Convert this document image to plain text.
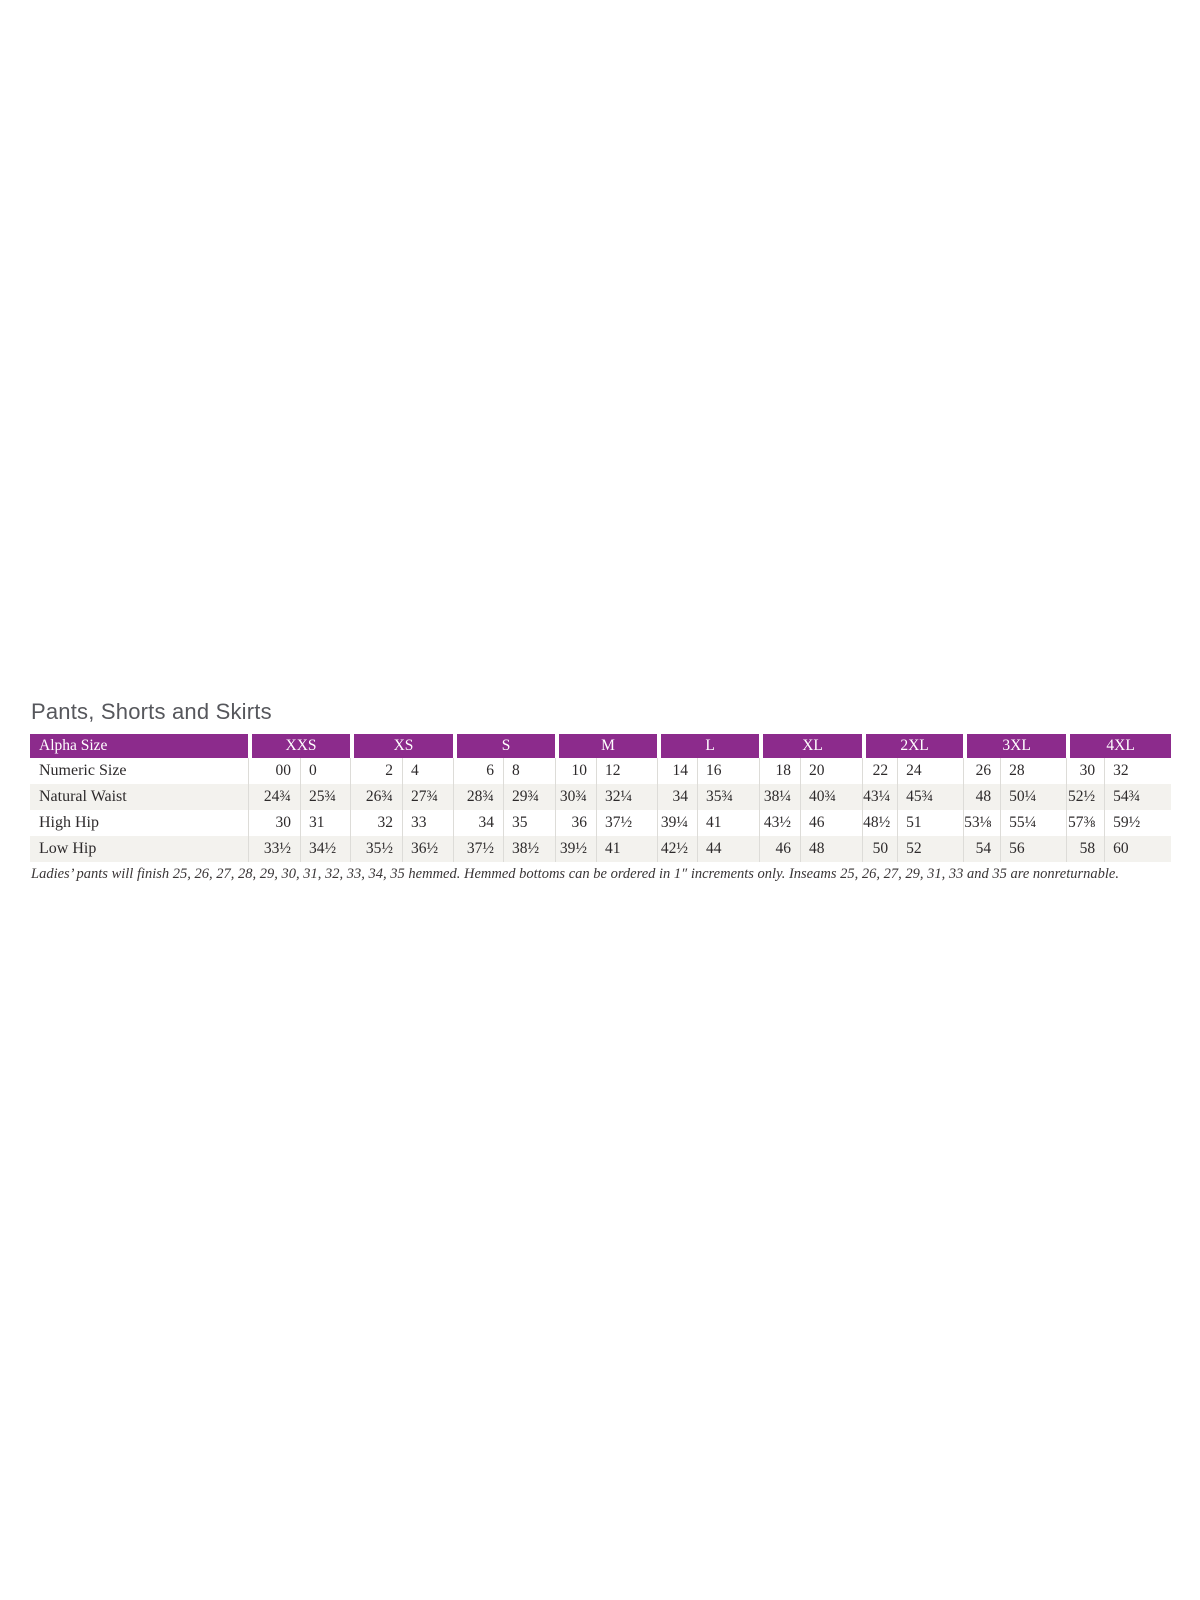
Pants, Shorts and Skirts
Alpha Size	XXS		XS		S		M		L		XL		2XL		3XL		4XL	
Numeric Size	00	0	2	4	6	8	10	12	14	16	18	20	22	24	26	28	30	32
Natural Waist	24¾	25¾	26¾	27¾	28¾	29¾	30¾	32¼	34	35¾	38¼	40¾	43¼	45¾	48	50¼	52½	54¾
High Hip	30	31	32	33	34	35	36	37½	39¼	41	43½	46	48½	51	53⅛	55¼	57⅜	59½
Low Hip	33½	34½	35½	36½	37½	38½	39½	41	42½	44	46	48	50	52	54	56	58	60

Ladies’ pants will finish 25, 26, 27, 28, 29, 30, 31, 32, 33, 34, 35 hemmed. Hemmed bottoms can be ordered in 1″ increments only. Inseams 25, 26, 27, 29, 31, 33 and 35 are nonreturnable.
